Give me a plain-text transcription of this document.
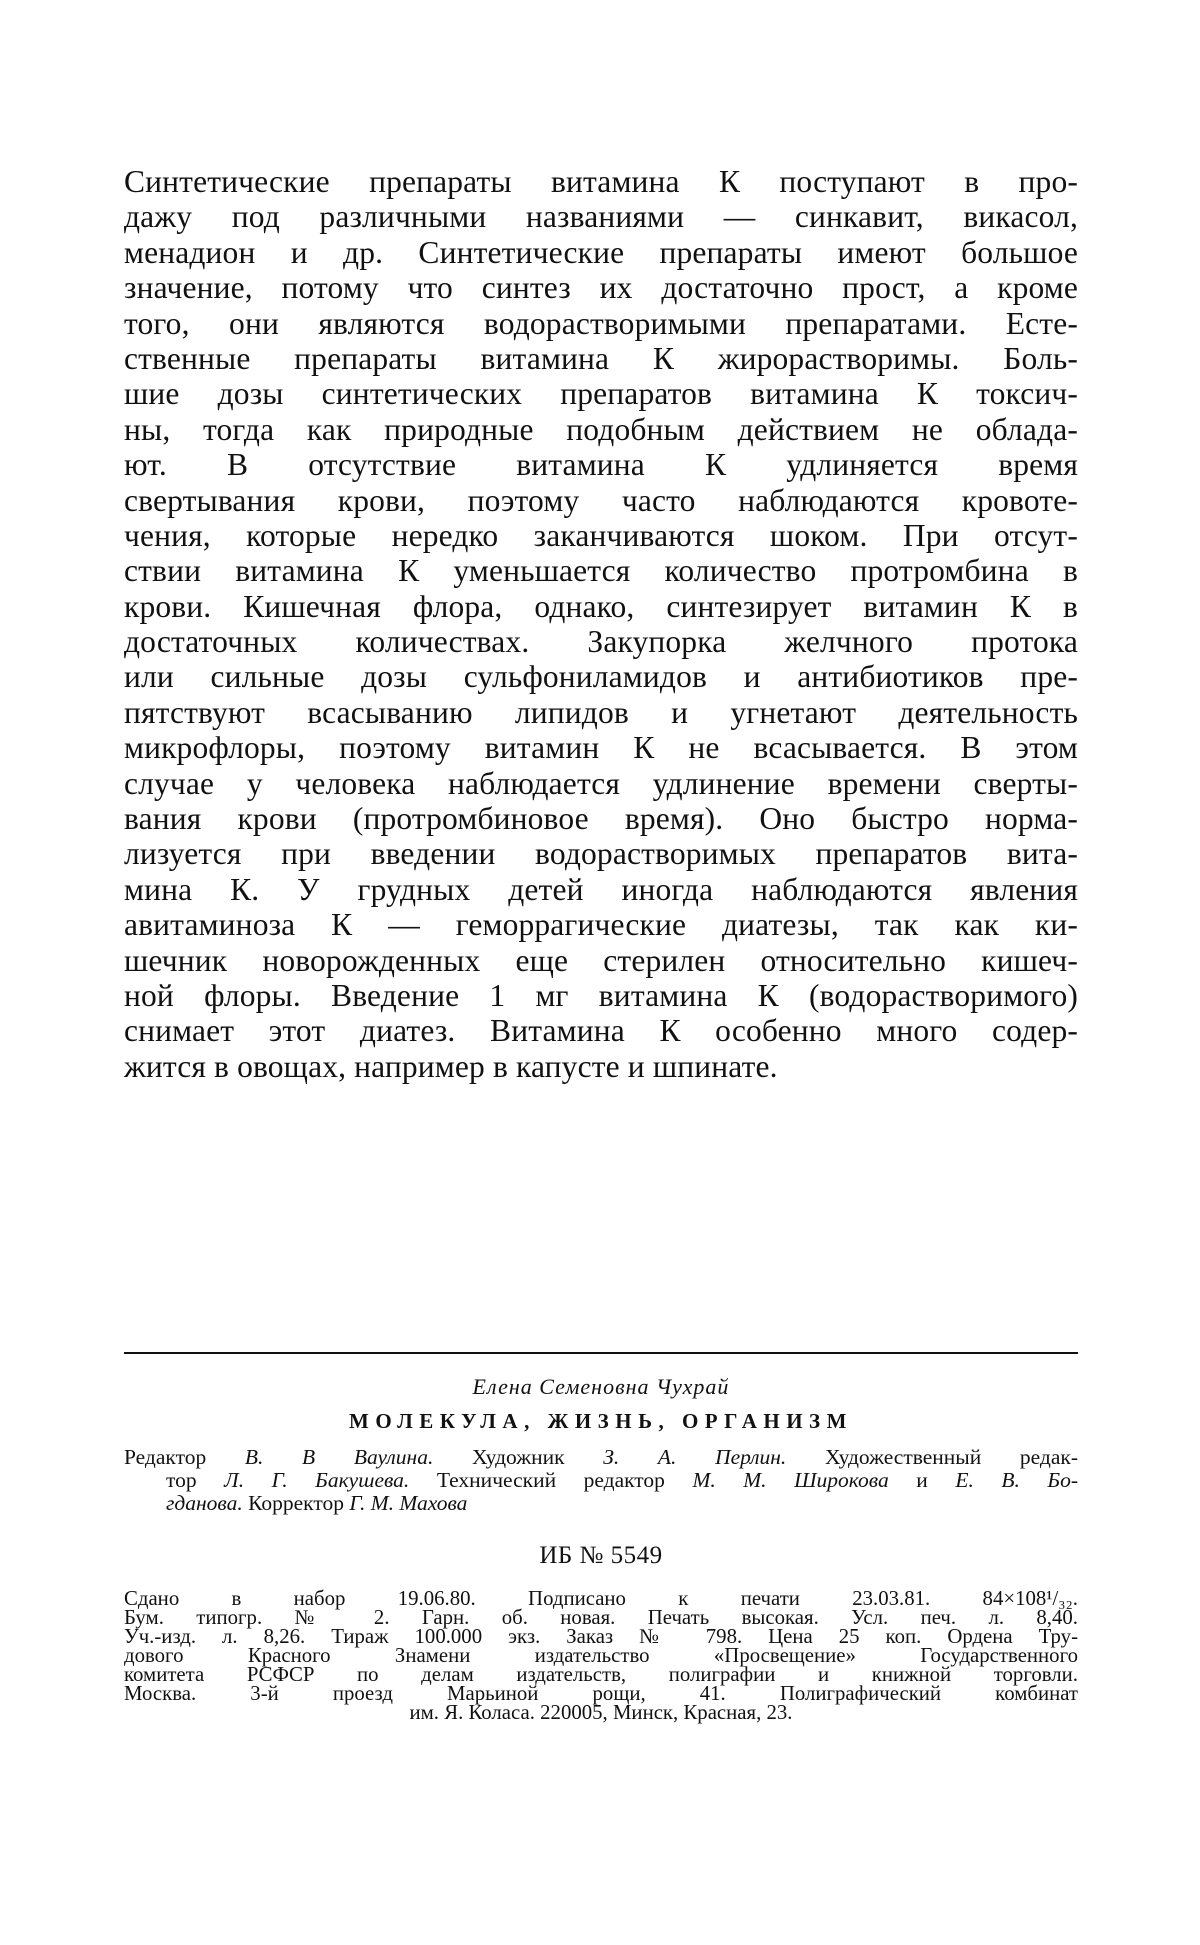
Синтетические препараты витамина К поступают в про-
дажу под различными названиями — синкавит, викасол,
менадион и др. Синтетические препараты имеют большое
значение, потому что синтез их достаточно прост, а кроме
того, они являются водорастворимыми препаратами. Есте-
ственные препараты витамина К жирорастворимы. Боль-
шие дозы синтетических препаратов витамина К токсич-
ны, тогда как природные подобным действием не облада-
ют. В отсутствие витамина К удлиняется время
свертывания крови, поэтому часто наблюдаются кровоте-
чения, которые нередко заканчиваются шоком. При отсут-
ствии витамина К уменьшается количество протромбина в
крови. Кишечная флора, однако, синтезирует витамин К в
достаточных количествах. Закупорка желчного протока
или сильные дозы сульфониламидов и антибиотиков пре-
пятствуют всасыванию липидов и угнетают деятельность
микрофлоры, поэтому витамин К не всасывается. В этом
случае у человека наблюдается удлинение времени сверты-
вания крови (протромбиновое время). Оно быстро норма-
лизуется при введении водорастворимых препаратов вита-
мина К. У грудных детей иногда наблюдаются явления
авитаминоза К — геморрагические диатезы, так как ки-
шечник новорожденных еще стерилен относительно кишеч-
ной флоры. Введение 1 мг витамина К (водорастворимого)
снимает этот диатез. Витамина К особенно много содер-
жится в овощах, например в капусте и шпинате.
Елена Семеновна Чухрай
МОЛЕКУЛА, ЖИЗНЬ, ОРГАНИЗМ
Редактор В. В Ваулина. Художник З. А. Перлин. Художественный редак-
тор Л. Г. Бакушева. Технический редактор М. М. Широкова и Е. В. Бо-
гданова. Корректор Г. М. Махова
ИБ № 5549
Сдано в набор 19.06.80. Подписано к печати 23.03.81. 84×108¹/₃₂.
Бум. типогр. № 2. Гарн. об. новая. Печать высокая. Усл. печ. л. 8,40.
Уч.-изд. л. 8,26. Тираж 100.000 экз. Заказ № 798. Цена 25 коп. Ордена Тру-
дового Красного Знамени издательство «Просвещение» Государственного
комитета РСФСР по делам издательств, полиграфии и книжной торговли.
Москва. 3-й проезд Марьиной рощи, 41. Полиграфический комбинат
им. Я. Коласа. 220005, Минск, Красная, 23.
